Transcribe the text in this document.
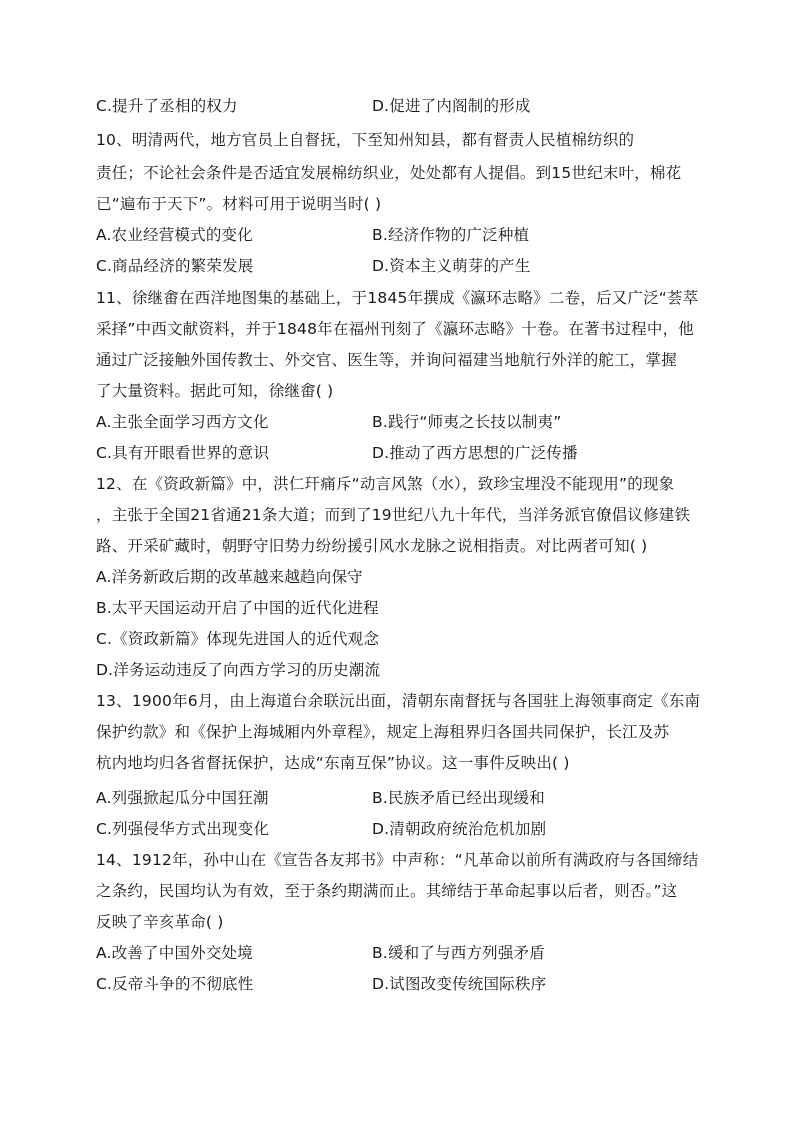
C.提升了丞相的权力	D.促进了内阁制的形成
10、明清两代，地方官员上自督抚，下至知州知县，都有督责人民植棉纺织的
责任；不论社会条件是否适宜发展棉纺织业，处处都有人提倡。到15世纪末叶，棉花
已“遍布于天下”。材料可用于说明当时( )
A.农业经营模式的变化	B.经济作物的广泛种植
C.商品经济的繁荣发展	D.资本主义萌芽的产生
11、徐继畬在西洋地图集的基础上，于1845年撰成《瀛环志略》二卷，后又广泛“荟萃
采择”中西文献资料，并于1848年在福州刊刻了《瀛环志略》十卷。在著书过程中，他
通过广泛接触外国传教士、外交官、医生等，并询问福建当地航行外洋的舵工，掌握
了大量资料。据此可知，徐继畬( )
A.主张全面学习西方文化	B.践行“师夷之长技以制夷”
C.具有开眼看世界的意识	D.推动了西方思想的广泛传播
12、在《资政新篇》中，洪仁玕痛斥“动言风煞（水），致珍宝埋没不能现用”的现象
，主张于全国21省通21条大道；而到了19世纪八九十年代，当洋务派官僚倡议修建铁
路、开采矿藏时，朝野守旧势力纷纷援引风水龙脉之说相指责。对比两者可知( )
A.洋务新政后期的改革越来越趋向保守
B.太平天国运动开启了中国的近代化进程
C.《资政新篇》体现先进国人的近代观念
D.洋务运动违反了向西方学习的历史潮流
13、1900年6月，由上海道台余联沅出面，清朝东南督抚与各国驻上海领事商定《东南
保护约款》和《保护上海城厢内外章程》，规定上海租界归各国共同保护，长江及苏
杭内地均归各省督抚保护，达成“东南互保”协议。这一事件反映出( )
A.列强掀起瓜分中国狂潮	B.民族矛盾已经出现缓和
C.列强侵华方式出现变化	D.清朝政府统治危机加剧
14、1912年，孙中山在《宣告各友邦书》中声称：“凡革命以前所有满政府与各国缔结
之条约，民国均认为有效，至于条约期满而止。其缔结于革命起事以后者，则否。”这
反映了辛亥革命( )
A.改善了中国外交处境	B.缓和了与西方列强矛盾
C.反帝斗争的不彻底性	D.试图改变传统国际秩序
